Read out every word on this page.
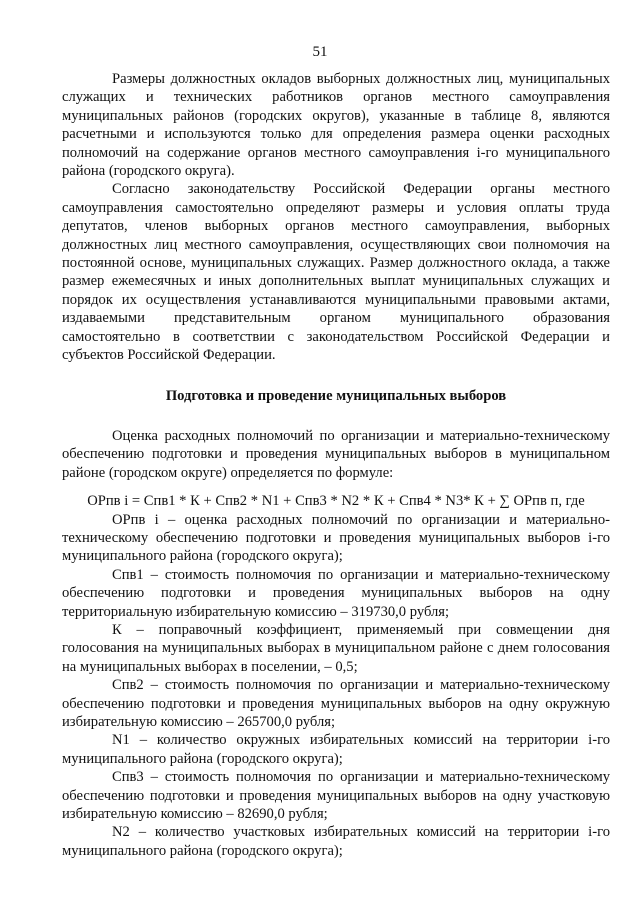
51

Размеры должностных окладов выборных должностных лиц, муниципальных служащих и технических работников органов местного самоуправления муниципальных районов (городских округов), указанные в таблице 8, являются расчетными и используются только для определения размера оценки расходных полномочий на содержание органов местного самоуправления i-го муниципального района (городского округа).

Согласно законодательству Российской Федерации органы местного самоуправления самостоятельно определяют размеры и условия оплаты труда депутатов, членов выборных органов местного самоуправления, выборных должностных лиц местного самоуправления, осуществляющих свои полномочия на постоянной основе, муниципальных служащих. Размер должностного оклада, а также размер ежемесячных и иных дополнительных выплат муниципальных служащих и порядок их осуществления устанавливаются муниципальными правовыми актами, издаваемыми представительным органом муниципального образования самостоятельно в соответствии с законодательством Российской Федерации и субъектов Российской Федерации.

Подготовка и проведение муниципальных выборов

Оценка расходных полномочий по организации и материально-техническому обеспечению подготовки и проведения муниципальных выборов в муниципальном районе (городском округе) определяется по формуле:

ОРпв i = Спв1 * К + Спв2 * N1 + Спв3 * N2 * К + Спв4 * N3* К + ∑ ОРпв п, где

ОРпв i – оценка расходных полномочий по организации и материально-техническому обеспечению подготовки и проведения муниципальных выборов i-го муниципального района (городского округа);

Спв1 – стоимость полномочия по организации и материально-техническому обеспечению подготовки и проведения муниципальных выборов на одну территориальную избирательную комиссию – 319730,0 рубля;

К – поправочный коэффициент, применяемый при совмещении дня голосования на муниципальных выборах в муниципальном районе с днем голосования на муниципальных выборах в поселении, – 0,5;

Спв2 – стоимость полномочия по организации и материально-техническому обеспечению подготовки и проведения муниципальных выборов на одну окружную избирательную комиссию – 265700,0 рубля;

N1 – количество окружных избирательных комиссий на территории i-го муниципального района (городского округа);

Спв3 – стоимость полномочия по организации и материально-техническому обеспечению подготовки и проведения муниципальных выборов на одну участковую избирательную комиссию – 82690,0 рубля;

N2 – количество участковых избирательных комиссий на территории i-го муниципального района (городского округа);
